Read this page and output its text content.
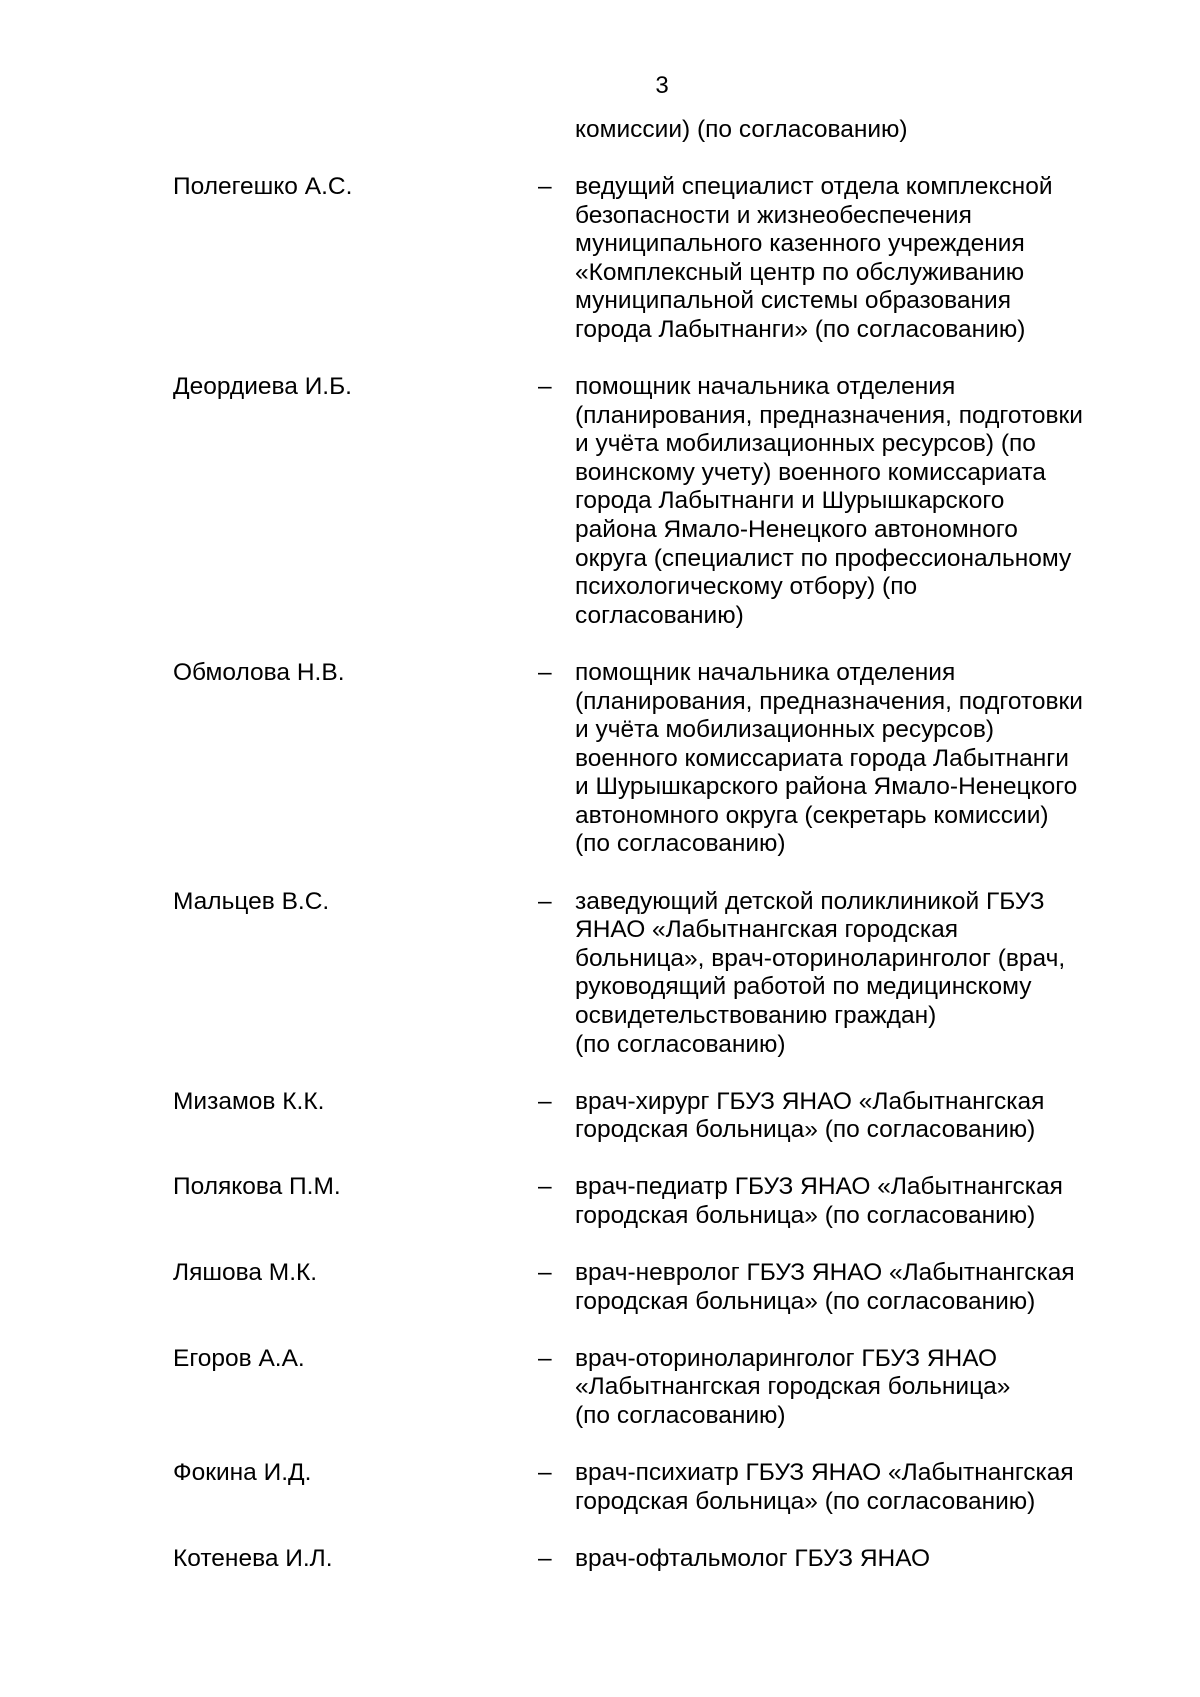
3
комиссии) (по согласованию)
Полегешко А.С.	– ведущий специалист отдела комплексной
безопасности и жизнеобеспечения
муниципального казенного учреждения
«Комплексный центр по обслуживанию
муниципальной системы образования
города Лабытнанги» (по согласованию)
Деордиева И.Б.	– помощник начальника отделения
(планирования, предназначения, подготовки
и учёта мобилизационных ресурсов) (по
воинскому учету) военного комиссариата
города Лабытнанги и Шурышкарского
района Ямало-Ненецкого автономного
округа (специалист по профессиональному
психологическому отбору) (по
согласованию)
Обмолова Н.В.	– помощник начальника отделения
(планирования, предназначения, подготовки
и учёта мобилизационных ресурсов)
военного комиссариата города Лабытнанги
и Шурышкарского района Ямало-Ненецкого
автономного округа (секретарь комиссии)
(по согласованию)
Мальцев В.С.	– заведующий детской поликлиникой ГБУЗ
ЯНАО «Лабытнангская городская
больница», врач-оториноларинголог (врач,
руководящий работой по медицинскому
освидетельствованию граждан)
(по согласованию)
Мизамов К.К.	– врач-хирург ГБУЗ ЯНАО «Лабытнангская
городская больница» (по согласованию)
Полякова П.М.	– врач-педиатр ГБУЗ ЯНАО «Лабытнангская
городская больница» (по согласованию)
Ляшова М.К.	– врач-невролог ГБУЗ ЯНАО «Лабытнангская
городская больница» (по согласованию)
Егоров А.А.	– врач-оториноларинголог ГБУЗ ЯНАО
«Лабытнангская городская больница»
(по согласованию)
Фокина И.Д.	– врач-психиатр ГБУЗ ЯНАО «Лабытнангская
городская больница» (по согласованию)
Котенева И.Л.	– врач-офтальмолог ГБУЗ ЯНАО
